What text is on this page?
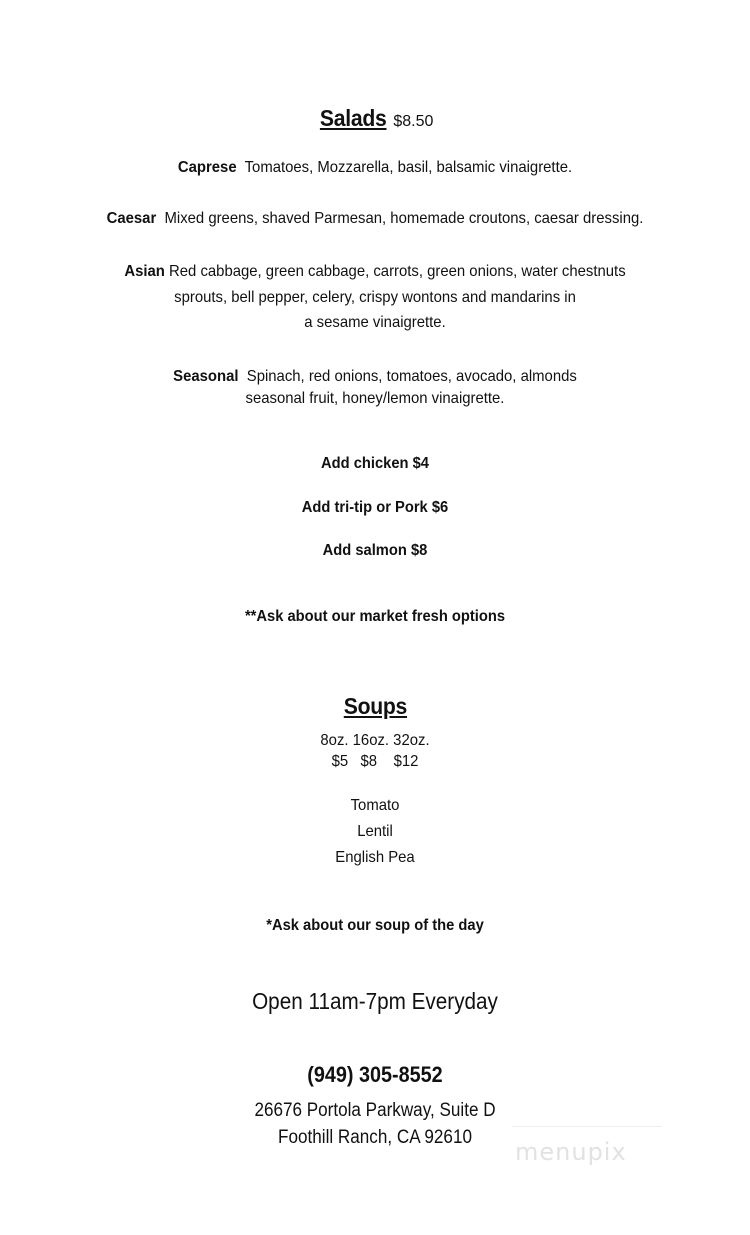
Salads $8.50
Caprese Tomatoes, Mozzarella, basil, balsamic vinaigrette.
Caesar Mixed greens, shaved Parmesan, homemade croutons, caesar dressing.
Asian Red cabbage, green cabbage, carrots, green onions, water chestnuts
sprouts, bell pepper, celery, crispy wontons and mandarins in
a sesame vinaigrette.
Seasonal Spinach, red onions, tomatoes, avocado, almonds
seasonal fruit, honey/lemon vinaigrette.
Add chicken $4
Add tri-tip or Pork $6
Add salmon $8
**Ask about our market fresh options
Soups
8oz. 16oz. 32oz.
$5   $8    $12
Tomato
Lentil
English Pea
*Ask about our soup of the day
Open 11am-7pm Everyday
(949) 305-8552
26676 Portola Parkway, Suite D
Foothill Ranch, CA 92610
menupix
